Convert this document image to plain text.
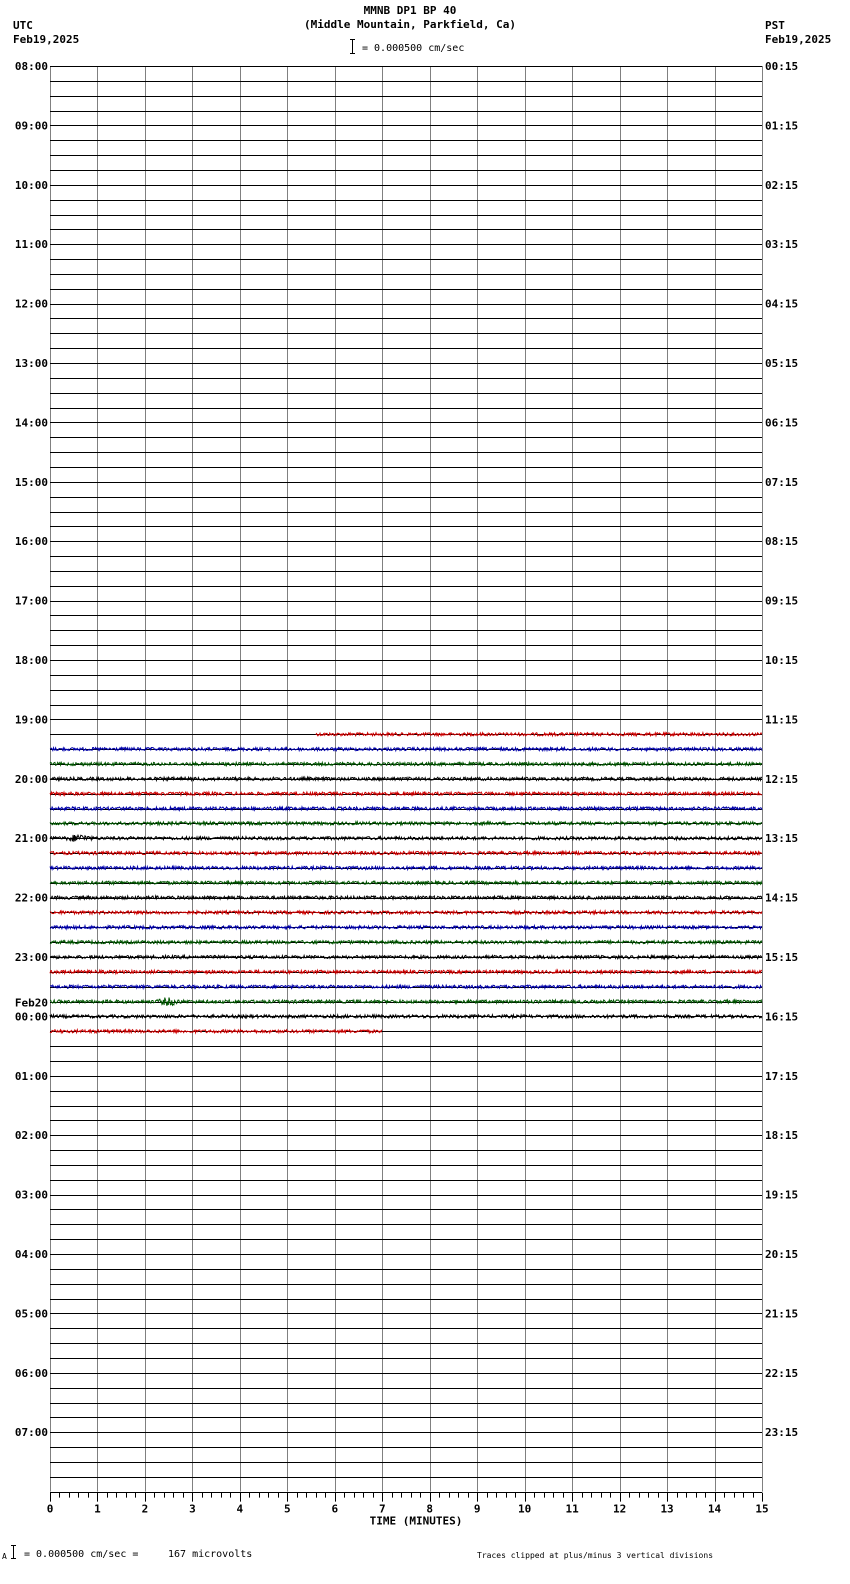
MMNB DP1 BP 40
(Middle Mountain, Parkfield, Ca)
UTC
Feb19,2025
PST
Feb19,2025
= 0.000500 cm/sec
0	1	2	3	4	5	6	7	8	9	10	11	12	13	14	15
TIME (MINUTES)
08:00
09:00
10:00
11:00
12:00
13:00
14:00
15:00
16:00
17:00
18:00
19:00
20:00
21:00
22:00
23:00
00:00
01:00
02:00
03:00
04:00
05:00
06:00
07:00
Feb20
00:15
01:15
02:15
03:15
04:15
05:15
06:15
07:15
08:15
09:15
10:15
11:15
12:15
13:15
14:15
15:15
16:15
17:15
18:15
19:15
20:15
21:15
22:15
23:15
A = 0.000500 cm/sec =	167 microvolts	Traces clipped at plus/minus 3 vertical divisions
